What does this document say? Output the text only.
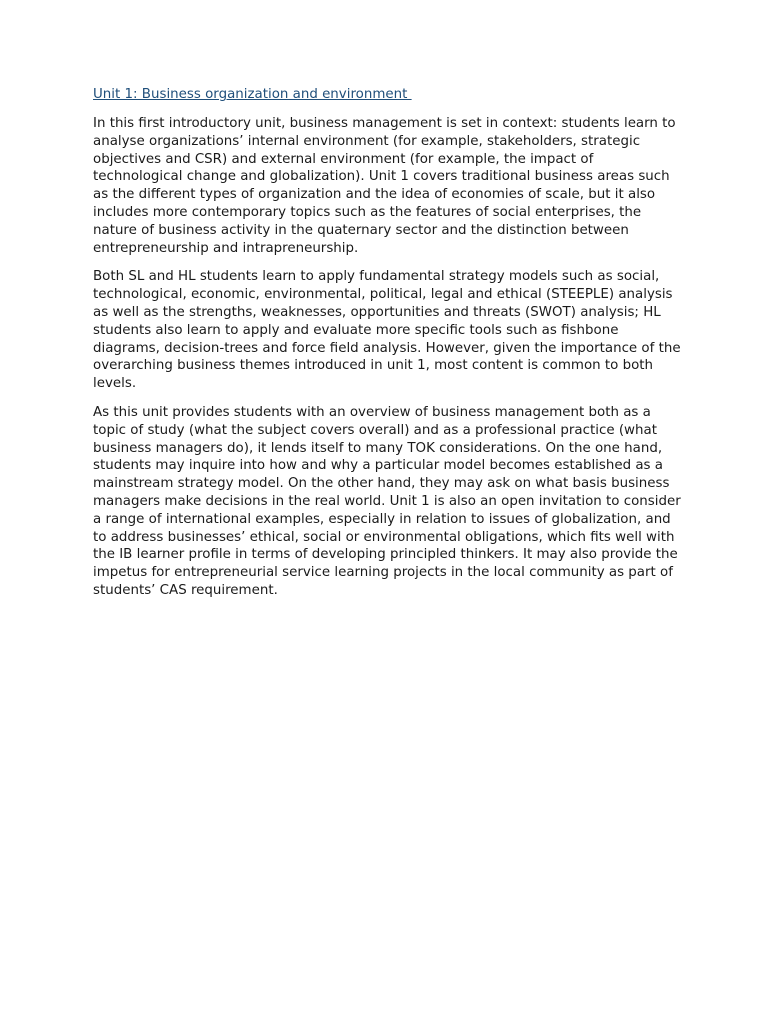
Unit 1: Business organization and environment

In this first introductory unit, business management is set in context: students learn to analyse organizations’ internal environment (for example, stakeholders, strategic objectives and CSR) and external environment (for example, the impact of technological change and globalization). Unit 1 covers traditional business areas such as the different types of organization and the idea of economies of scale, but it also includes more contemporary topics such as the features of social enterprises, the nature of business activity in the quaternary sector and the distinction between entrepreneurship and intrapreneurship.

Both SL and HL students learn to apply fundamental strategy models such as social, technological, economic, environmental, political, legal and ethical (STEEPLE) analysis as well as the strengths, weaknesses, opportunities and threats (SWOT) analysis; HL students also learn to apply and evaluate more specific tools such as fishbone diagrams, decision-trees and force field analysis. However, given the importance of the overarching business themes introduced in unit 1, most content is common to both levels.

As this unit provides students with an overview of business management both as a topic of study (what the subject covers overall) and as a professional practice (what business managers do), it lends itself to many TOK considerations. On the one hand, students may inquire into how and why a particular model becomes established as a mainstream strategy model. On the other hand, they may ask on what basis business managers make decisions in the real world. Unit 1 is also an open invitation to consider a range of international examples, especially in relation to issues of globalization, and to address businesses’ ethical, social or environmental obligations, which fits well with the IB learner profile in terms of developing principled thinkers. It may also provide the impetus for entrepreneurial service learning projects in the local community as part of students’ CAS requirement.
